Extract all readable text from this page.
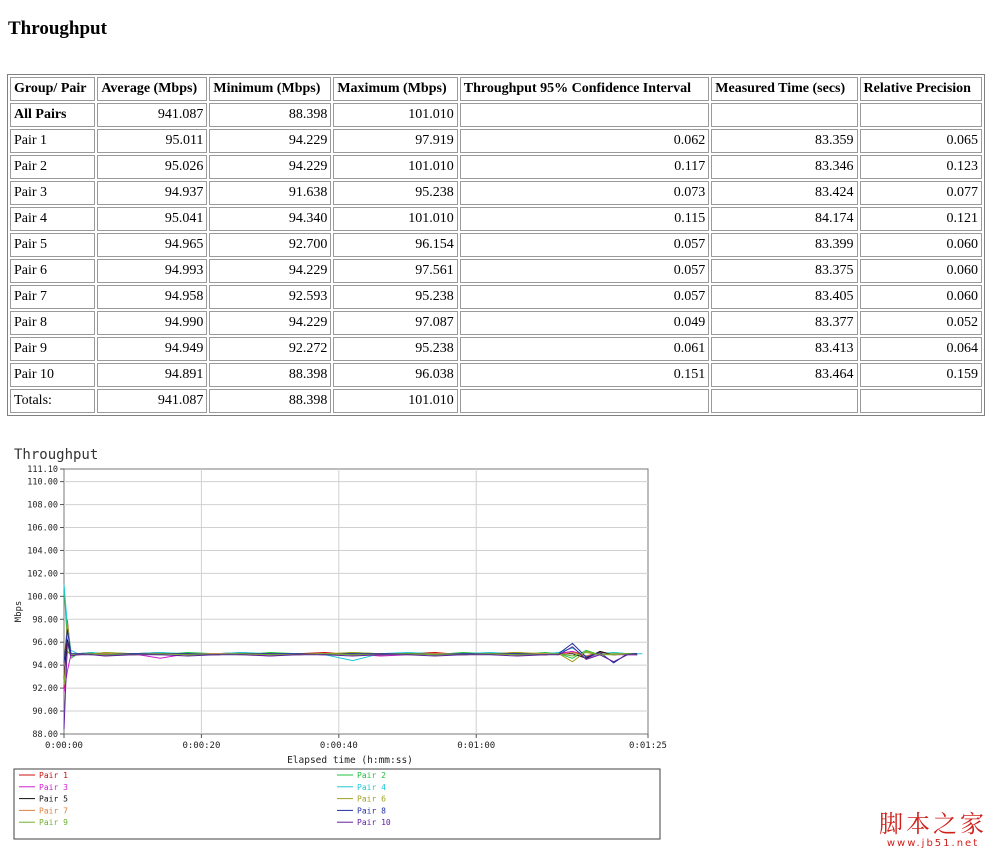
Throughput
Group/ Pair	Average (Mbps)	Minimum (Mbps)	Maximum (Mbps)	Throughput 95% Confidence Interval	Measured Time (secs)	Relative Precision
All Pairs	941.087	88.398	101.010			
Pair 1	95.011	94.229	97.919	0.062	83.359	0.065
Pair 2	95.026	94.229	101.010	0.117	83.346	0.123
Pair 3	94.937	91.638	95.238	0.073	83.424	0.077
Pair 4	95.041	94.340	101.010	0.115	84.174	0.121
Pair 5	94.965	92.700	96.154	0.057	83.399	0.060
Pair 6	94.993	94.229	97.561	0.057	83.375	0.060
Pair 7	94.958	92.593	95.238	0.057	83.405	0.060
Pair 8	94.990	94.229	97.087	0.049	83.377	0.052
Pair 9	94.949	92.272	95.238	0.061	83.413	0.064
Pair 10	94.891	88.398	96.038	0.151	83.464	0.159
Totals:	941.087	88.398	101.010			
Throughput
88.00
90.00
92.00
94.00
96.00
98.00
100.00
102.00
104.00
106.00
108.00
110.00
111.10
0:00:00	0:00:20	0:00:40	0:01:00	0:01:25
Elapsed time (h:mm:ss)
Mbps
Pair 1	Pair 2
Pair 3	Pair 4
Pair 5	Pair 6
Pair 7	Pair 8
Pair 9	Pair 10	脚本之家
www.jb51.net
